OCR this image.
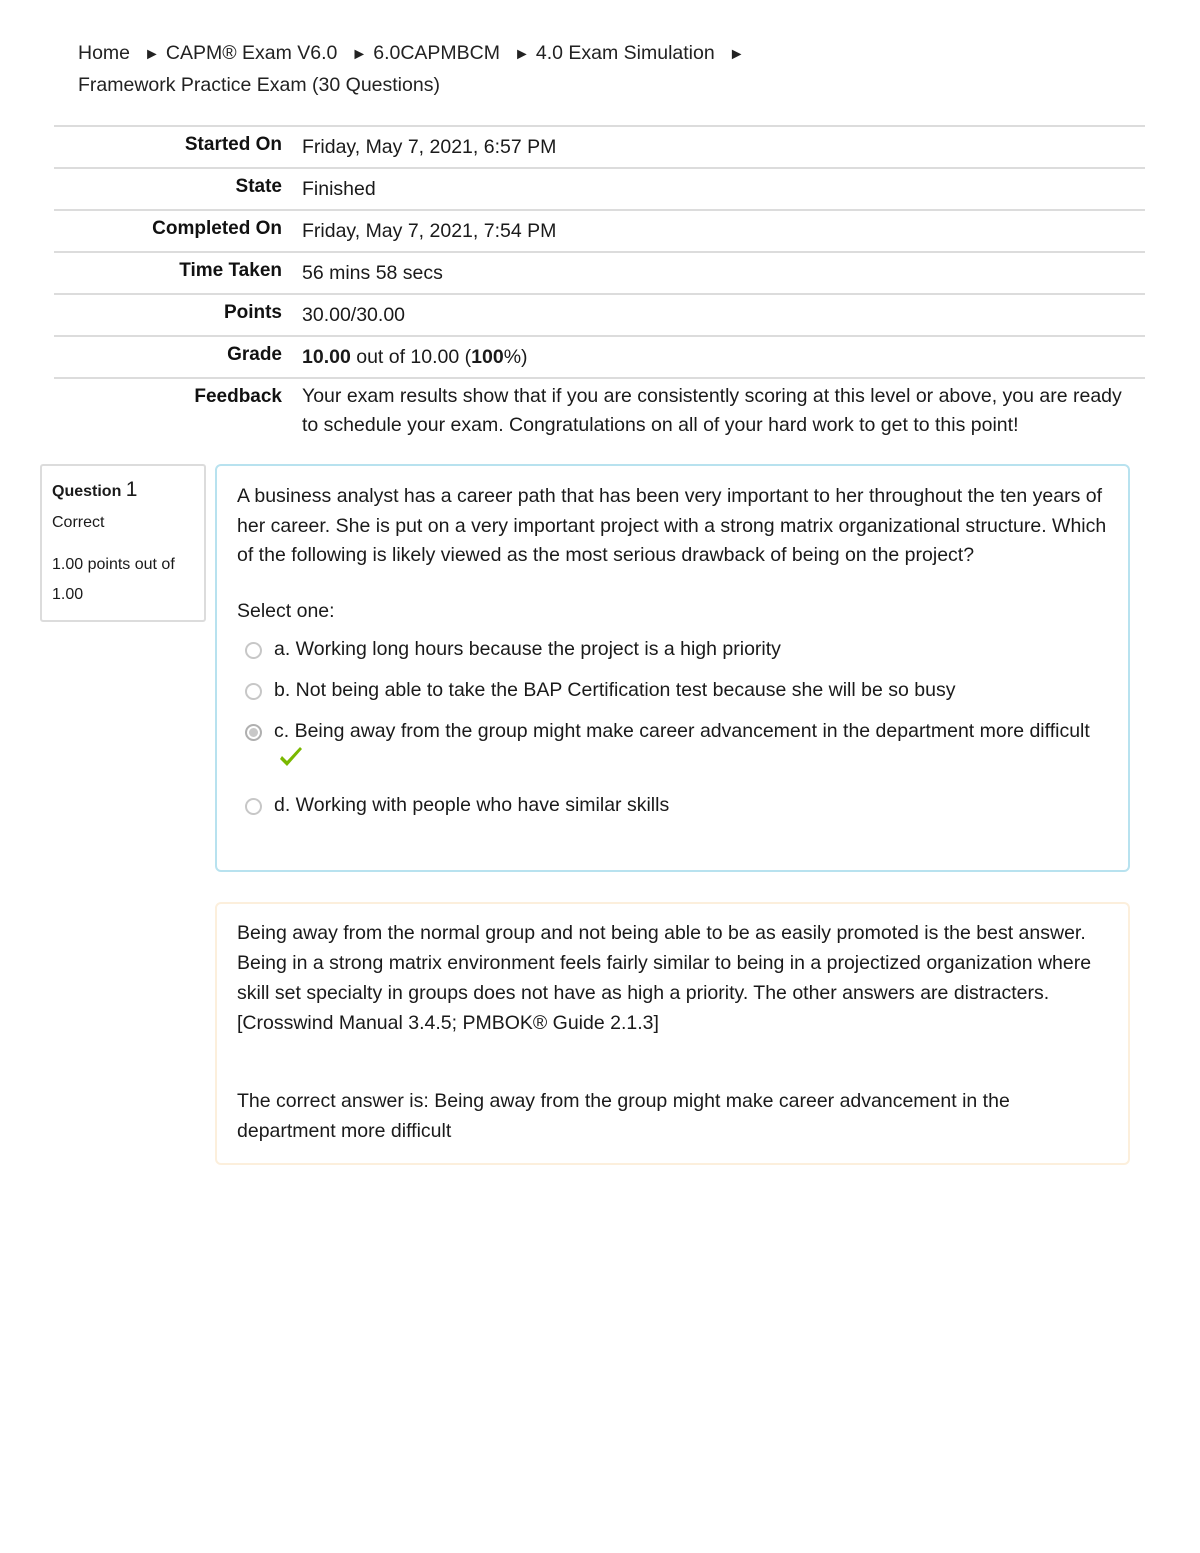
Home ► CAPM® Exam V6.0 ► 6.0CAPMBCM ► 4.0 Exam Simulation ►
Framework Practice Exam (30 Questions)
Started On	Friday, May 7, 2021, 6:57 PM
State	Finished
Completed On	Friday, May 7, 2021, 7:54 PM
Time Taken	56 mins 58 secs
Points	30.00/30.00
Grade	10.00 out of 10.00 (100%)
Feedback	Your exam results show that if you are consistently scoring at this level or above, you are ready to schedule your exam. Congratulations on all of your hard work to get to this point!
Question 1
Correct
1.00 points out of 1.00
A business analyst has a career path that has been very important to her throughout the ten years of her career. She is put on a very important project with a strong matrix organizational structure. Which of the following is likely viewed as the most serious drawback of being on the project?
Select one:
a. Working long hours because the project is a high priority
b. Not being able to take the BAP Certification test because she will be so busy
c. Being away from the group might make career advancement in the department more difficult
d. Working with people who have similar skills

Being away from the normal group and not being able to be as easily promoted is the best answer. Being in a strong matrix environment feels fairly similar to being in a projectized organization where skill set specialty in groups does not have as high a priority. The other answers are distracters. [Crosswind Manual 3.4.5; PMBOK® Guide 2.1.3]

The correct answer is: Being away from the group might make career advancement in the department more difficult
